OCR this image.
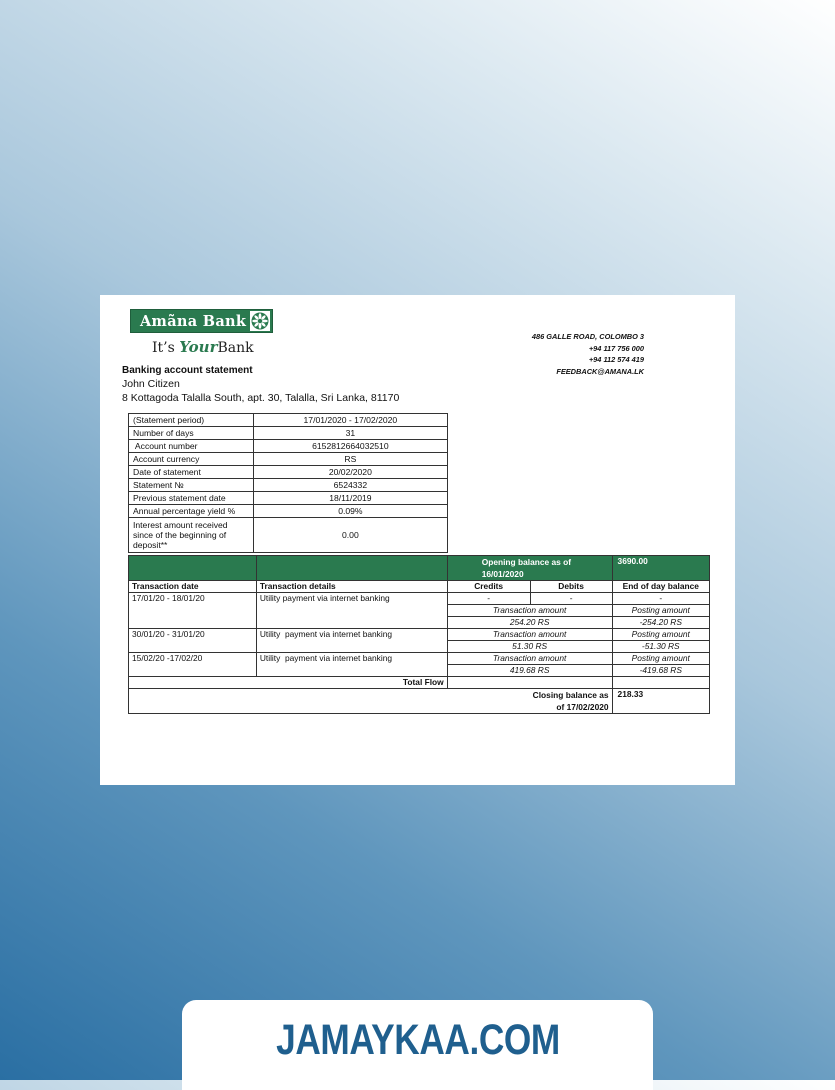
Amãna Bank
It’s YourBank
486 GALLE ROAD, COLOMBO 3
+94 117 756 000
+94 112 574 419
FEEDBACK@AMANA.LK
Banking account statement
John Citizen
8 Kottagoda Talalla South, apt. 30, Talalla, Sri Lanka, 81170
(Statement period)	17/01/2020 - 17/02/2020
Number of days	31
Account number	6152812664032510
Account currency	RS
Date of statement	20/02/2020
Statement №	6524332
Previous statement date	18/11/2019
Annual percentage yield %	0.09%
Interest amount received since of the beginning of deposit**	0.00
		Opening balance as of 16/01/2020		3690.00
Transaction date	Transaction details	Credits	Debits	End of day balance
17/01/20 - 18/01/20	Utility payment via internet banking	-	-	-
		Transaction amount		Posting amount
		254.20 RS		-254.20 RS
30/01/20 - 31/01/20	Utility  payment via internet banking	Transaction amount		Posting amount
		51.30 RS		-51.30 RS
15/02/20 -17/02/20	Utility  payment via internet banking	Transaction amount		Posting amount
		419.68 RS		-419.68 RS
Total Flow				
Closing balance as of 17/02/2020				218.33
JAMAYKAA.COM
